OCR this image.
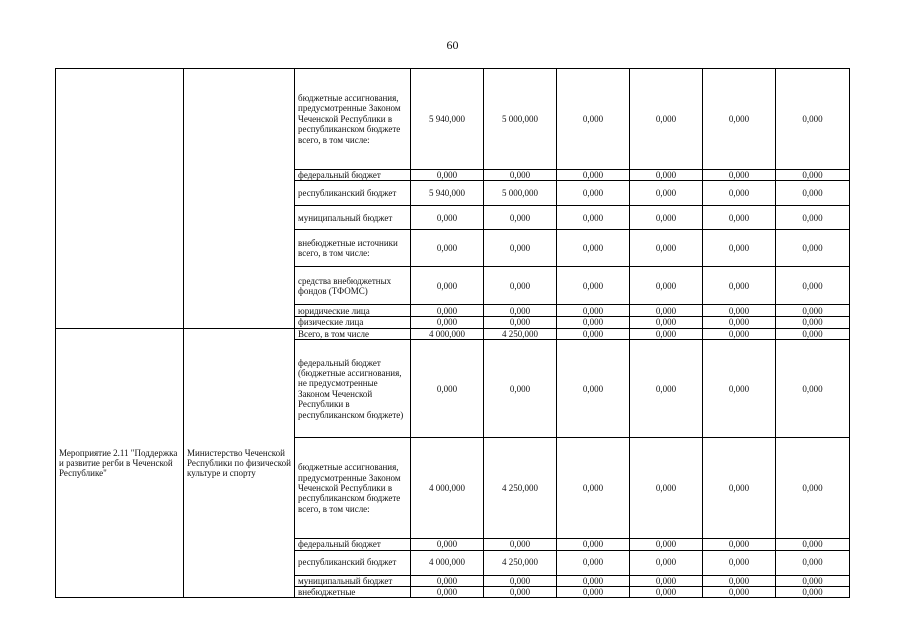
60
		бюджетные ассигнования, предусмотренные Законом Чеченской Республики в республиканском бюджете всего, в том числе:	5 940,000	5 000,000	0,000	0,000	0,000	0,000
		федеральный бюджет	0,000	0,000	0,000	0,000	0,000	0,000
		республиканский бюджет	5 940,000	5 000,000	0,000	0,000	0,000	0,000
		муниципальный бюджет	0,000	0,000	0,000	0,000	0,000	0,000
		внебюджетные источники всего, в том числе:	0,000	0,000	0,000	0,000	0,000	0,000
		средства внебюджетных фондов (ТФОМС)	0,000	0,000	0,000	0,000	0,000	0,000
		юридические лица	0,000	0,000	0,000	0,000	0,000	0,000
		физические лица	0,000	0,000	0,000	0,000	0,000	0,000
Мероприятие 2.11 "Поддержка и развитие регби в Чеченской Республике"	Министерство Чеченской Республики по физической культуре и спорту	Всего, в том числе	4 000,000	4 250,000	0,000	0,000	0,000	0,000
		федеральный бюджет (бюджетные ассигнования, не предусмотренные Законом Чеченской Республики в республиканском бюджете)	0,000	0,000	0,000	0,000	0,000	0,000
		бюджетные ассигнования, предусмотренные Законом Чеченской Республики в республиканском бюджете всего, в том числе:	4 000,000	4 250,000	0,000	0,000	0,000	0,000
		федеральный бюджет	0,000	0,000	0,000	0,000	0,000	0,000
		республиканский бюджет	4 000,000	4 250,000	0,000	0,000	0,000	0,000
		муниципальный бюджет	0,000	0,000	0,000	0,000	0,000	0,000
		внебюджетные	0,000	0,000	0,000	0,000	0,000	0,000
